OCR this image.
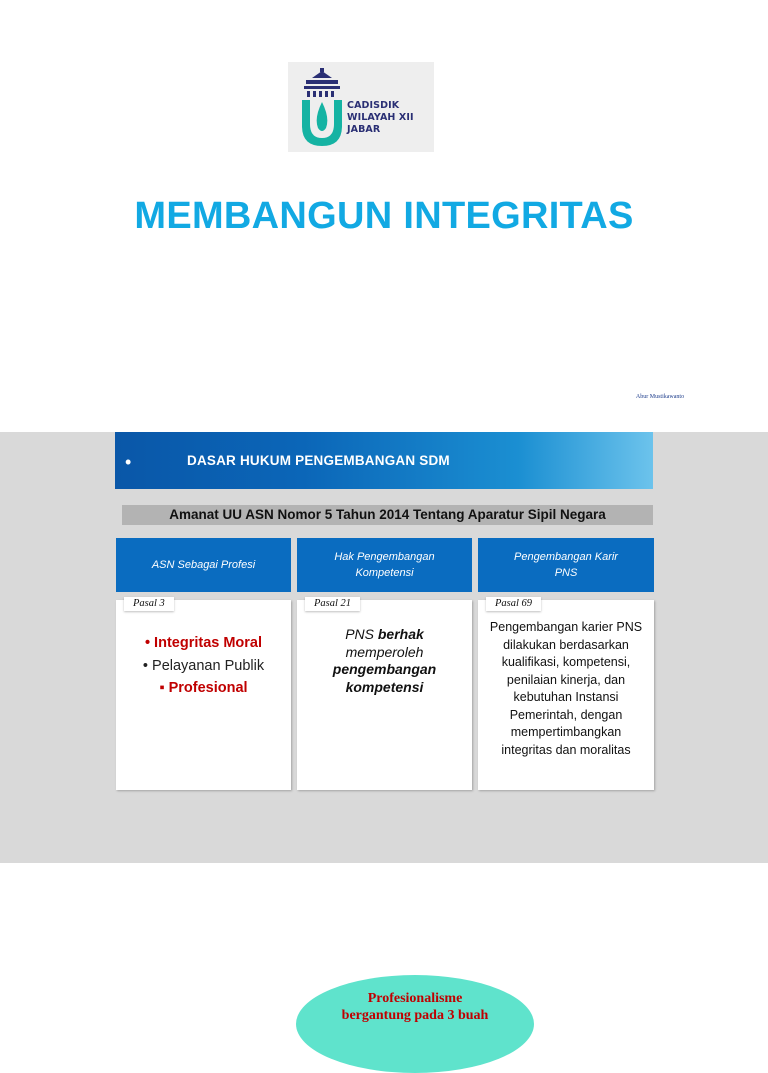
CADISDIK
WILAYAH XII
JABAR
MEMBANGUN INTEGRITAS
Abur Mustikawanto
•	DASAR HUKUM PENGEMBANGAN SDM
Amanat UU ASN Nomor 5 Tahun 2014 Tentang Aparatur Sipil Negara
ASN Sebagai Profesi
Hak Pengembangan
Kompetensi
Pengembangan Karir
PNS
Pasal 3
• Integritas Moral
• Pelayanan Publik
▪ Profesional
Pasal 21
PNS berhak
memperoleh
pengembangan
kompetensi
Pasal 69
Pengembangan karier PNS
dilakukan berdasarkan
kualifikasi, kompetensi,
penilaian kinerja, dan
kebutuhan Instansi
Pemerintah, dengan
mempertimbangkan
integritas dan moralitas
Profesionalisme
bergantung pada 3 buah
